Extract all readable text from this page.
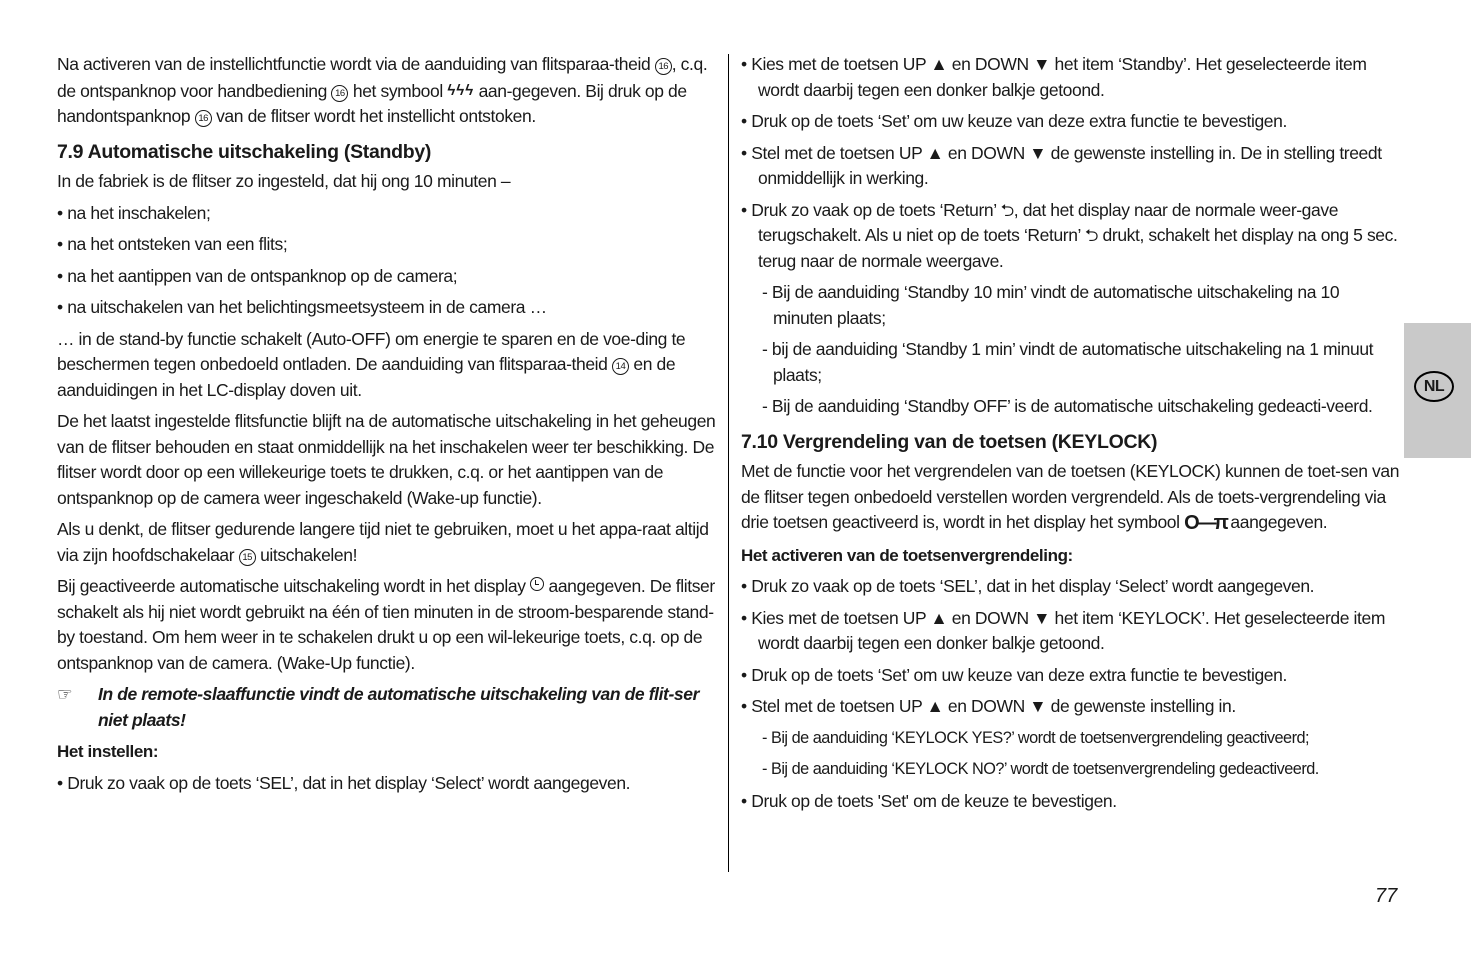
Na activeren van de instellichtfunctie wordt via de aanduiding van flitsparaa-theid 16 , c.q. de ontspanknop voor handbediening 16 het symbool ϟϟϟ aan-gegeven. Bij druk op de handontspanknop 16 van de flitser wordt het instellicht ontstoken.

7.9 Automatische uitschakeling (Standby)

In de fabriek is de flitser zo ingesteld, dat hij ong 10 minuten –

• na het inschakelen;

• na het ontsteken van een flits;

• na het aantippen van de ontspanknop op de camera;

• na uitschakelen van het belichtingsmeetsysteem in de camera …

… in de stand-by functie schakelt (Auto-OFF) om energie te sparen en de voe-ding te beschermen tegen onbedoeld ontladen. De aanduiding van flitsparaa-theid 14 en de aanduidingen in het LC-display doven uit.

De het laatst ingestelde flitsfunctie blijft na de automatische uitschakeling in het geheugen van de flitser behouden en staat onmiddellijk na het inschakelen weer ter beschikking. De flitser wordt door op een willekeurige toets te drukken, c.q. or het aantippen van de ontspanknop op de camera weer ingeschakeld (Wake-up functie).

Als u denkt, de flitser gedurende langere tijd niet te gebruiken, moet u het appa-raat altijd via zijn hoofdschakelaar 15 uitschakelen!

Bij geactiveerde automatische uitschakeling wordt in het display  aangegeven. De flitser schakelt als hij niet wordt gebruikt na één of tien minuten in de stroom-besparende stand-by toestand. Om hem weer in te schakelen drukt u op een wil-lekeurige toets, c.q. op de ontspanknop van de camera. (Wake-Up functie).

☞ In de remote-slaaffunctie vindt de automatische uitschakeling van de flit-ser niet plaats!
Het instellen:

• Druk zo vaak op de toets ‘SEL’, dat in het display ‘Select’ wordt aangegeven.

• Kies met de toetsen UP ▲ en DOWN ▼ het item ‘Standby’. Het geselecteerde item wordt daarbij tegen een donker balkje getoond.

• Druk op de toets ‘Set’ om uw keuze van deze extra functie te bevestigen.

• Stel met de toetsen UP ▲ en DOWN ▼ de gewenste instelling in. De in stelling treedt onmiddellijk in werking.

• Druk zo vaak op de toets ‘Return’ ⮌, dat het display naar de normale weer-gave terugschakelt. Als u niet op de toets ‘Return’ ⮌ drukt, schakelt het display na ong 5 sec. terug naar de normale weergave.

- Bij de aanduiding ‘Standby 10 min’ vindt de automatische uitschakeling na 10 minuten plaats;

- bij de aanduiding ‘Standby 1 min’ vindt de automatische uitschakeling na 1 minuut plaats;

- Bij de aanduiding ‘Standby OFF’ is de automatische uitschakeling gedeacti-veerd.

7.10 Vergrendeling van de toetsen (KEYLOCK)

Met de functie voor het vergrendelen van de toetsen (KEYLOCK) kunnen de toet-sen van de flitser tegen onbedoeld verstellen worden vergrendeld. Als de toets-vergrendeling via drie toetsen geactiveerd is, wordt in het display het symbool O—π aangegeven.

Het activeren van de toetsenvergrendeling:

• Druk zo vaak op de toets ‘SEL’, dat in het display ‘Select’ wordt aangegeven.

• Kies met de toetsen UP ▲ en DOWN ▼ het item ‘KEYLOCK’. Het geselecteerde item wordt daarbij tegen een donker balkje getoond.

• Druk op de toets ‘Set’ om uw keuze van deze extra functie te bevestigen.

• Stel met de toetsen UP ▲ en DOWN ▼ de gewenste instelling in.

- Bij de aanduiding ‘KEYLOCK YES?’ wordt de toetsenvergrendeling geactiveerd;

- Bij de aanduiding ‘KEYLOCK NO?’ wordt de toetsenvergrendeling gedeactiveerd.

• Druk op de toets 'Set' om de keuze te bevestigen.

NL
77
